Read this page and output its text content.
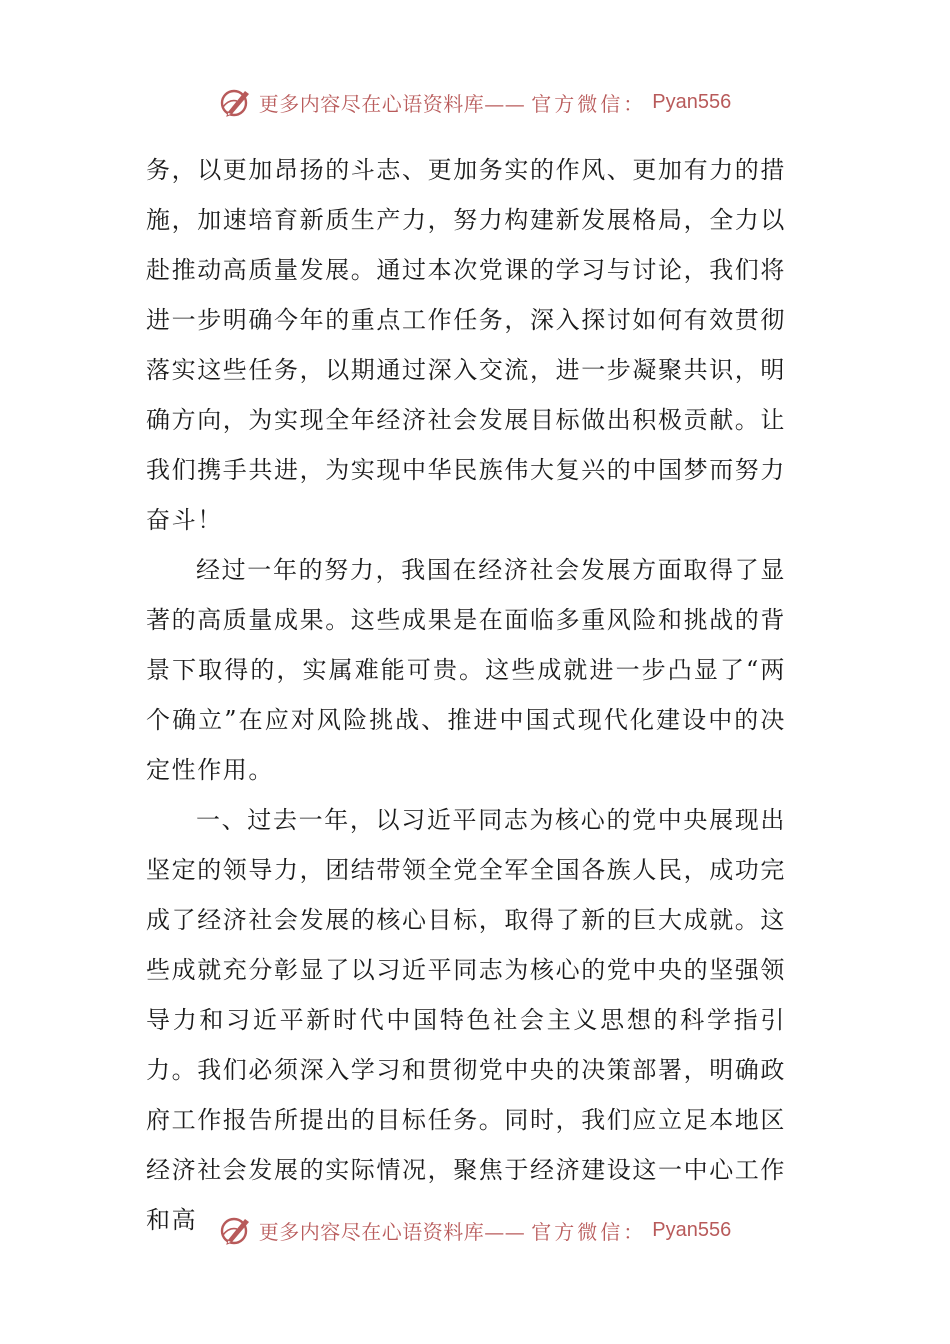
更多内容尽在心语资料库—— 官方微信： Pyan556

务，以更加昂扬的斗志、更加务实的作风、更加有力的措施，加速培育新质生产力，努力构建新发展格局，全力以赴推动高质量发展。通过本次党课的学习与讨论，我们将进一步明确今年的重点工作任务，深入探讨如何有效贯彻落实这些任务，以期通过深入交流，进一步凝聚共识，明确方向，为实现全年经济社会发展目标做出积极贡献。让我们携手共进，为实现中华民族伟大复兴的中国梦而努力奋斗！

经过一年的努力，我国在经济社会发展方面取得了显著的高质量成果。这些成果是在面临多重风险和挑战的背景下取得的，实属难能可贵。这些成就进一步凸显了“两个确立”在应对风险挑战、推进中国式现代化建设中的决定性作用。

一、过去一年，以习近平同志为核心的党中央展现出坚定的领导力，团结带领全党全军全国各族人民，成功完成了经济社会发展的核心目标，取得了新的巨大成就。这些成就充分彰显了以习近平同志为核心的党中央的坚强领导力和习近平新时代中国特色社会主义思想的科学指引力。我们必须深入学习和贯彻党中央的决策部署，明确政府工作报告所提出的目标任务。同时，我们应立足本地区经济社会发展的实际情况，聚焦于经济建设这一中心工作和高	更多内容尽在心语资料库—— 官方微信： Pyan556
